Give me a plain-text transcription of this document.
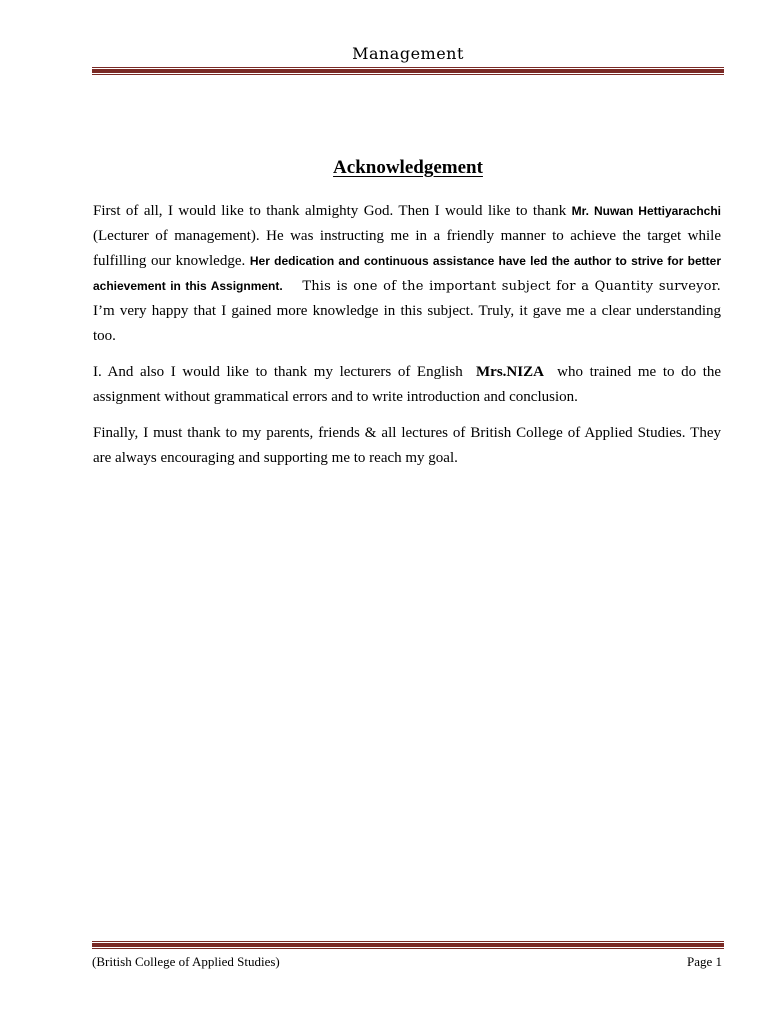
Management
Acknowledgement

First of all, I would like to thank almighty God. Then I would like to thank Mr. Nuwan Hettiyarachchi (Lecturer of management). He was instructing me in a friendly manner to achieve the target while fulfilling our knowledge. Her dedication and continuous assistance have led the author to strive for better achievement in this Assignment. This is one of the important subject for a Quantity surveyor. I’m very happy that I gained more knowledge in this subject. Truly, it gave me a clear understanding too.

I. And also I would like to thank my lecturers of English  Mrs.NIZA  who trained me to do the assignment without grammatical errors and to write introduction and conclusion.

Finally, I must thank to my parents, friends & all lectures of British College of Applied Studies. They are always encouraging and supporting me to reach my goal.

(British College of Applied Studies)	Page 1
